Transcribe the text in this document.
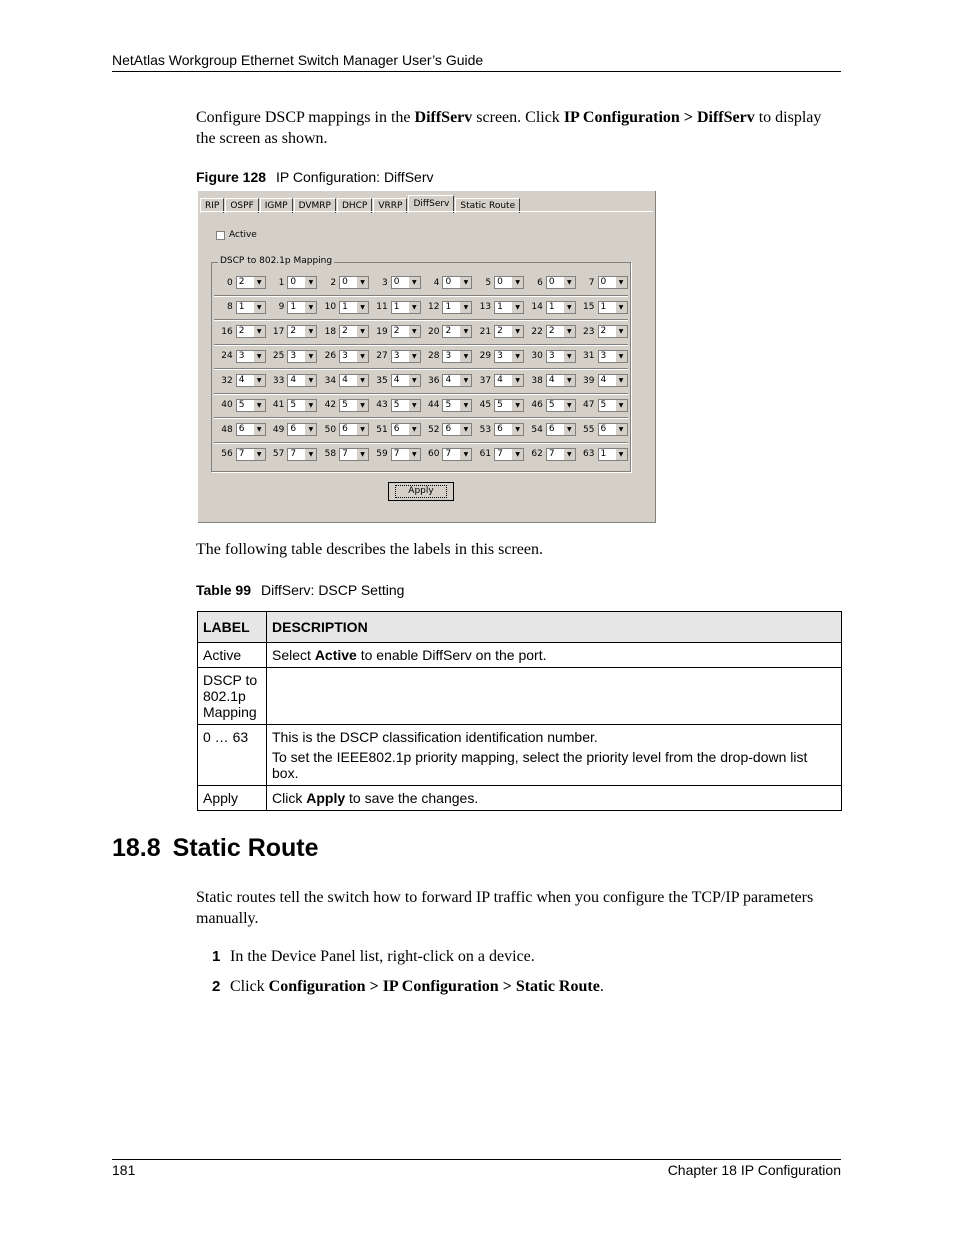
NetAtlas Workgroup Ethernet Switch Manager User’s Guide
Configure DSCP mappings in the DiffServ screen. Click IP Configuration > DiffServ to display the screen as shown.
Figure 128 IP Configuration: DiffServ
RIP	OSPF	IGMP	DVMRP	DHCP	VRRP	DiffServ	Static Route
Active
DSCP to 802.1p Mapping
0 2	▼	1 0	▼	2 0	▼	3 0	▼	4 0	▼	5 0	▼	6 0	▼	7 0	▼
8 1	▼	9 1	▼	10 1	▼	11 1	▼	12 1	▼	13 1	▼	14 1	▼	15 1	▼
16 2	▼	17 2	▼	18 2	▼	19 2	▼	20 2	▼	21 2	▼	22 2	▼	23 2	▼
24 3	▼	25 3	▼	26 3	▼	27 3	▼	28 3	▼	29 3	▼	30 3	▼	31 3	▼
32 4	▼	33 4	▼	34 4	▼	35 4	▼	36 4	▼	37 4	▼	38 4	▼	39 4	▼
40 5	▼	41 5	▼	42 5	▼	43 5	▼	44 5	▼	45 5	▼	46 5	▼	47 5	▼
48 6	▼	49 6	▼	50 6	▼	51 6	▼	52 6	▼	53 6	▼	54 6	▼	55 6	▼
56 7	▼	57 7	▼	58 7	▼	59 7	▼	60 7	▼	61 7	▼	62 7	▼	63 1	▼
Apply
The following table describes the labels in this screen.
Table 99 DiffServ: DSCP Setting
LABEL	DESCRIPTION
Active	Select Active to enable DiffServ on the port.
DSCP to 802.1p Mapping	
0 … 63	This is the DSCP classification identification number.
To set the IEEE802.1p priority mapping, select the priority level from the drop-down list box.

Apply	Click Apply to save the changes.
18.8 Static Route
Static routes tell the switch how to forward IP traffic when you configure the TCP/IP parameters manually.
1 In the Device Panel list, right-click on a device.
2 Click Configuration > IP Configuration > Static Route.
181	Chapter 18 IP Configuration
